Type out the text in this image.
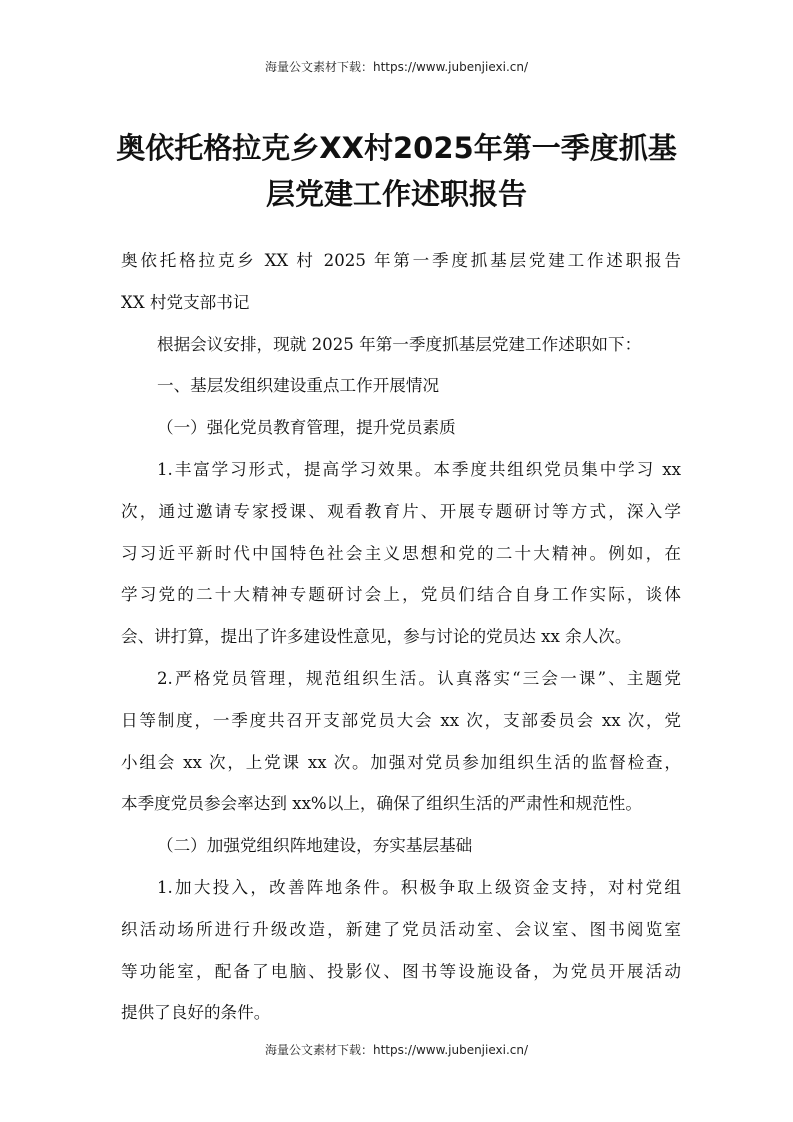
海量公文素材下载：https://www.jubenjiexi.cn/
奥依托格拉克乡XX村2025年第一季度抓基
层党建工作述职报告
奥依托格拉克乡 XX 村 2025 年第一季度抓基层党建工作述职报告
XX 村党支部书记
根据会议安排，现就 2025 年第一季度抓基层党建工作述职如下：
一、基层发组织建设重点工作开展情况
（一）强化党员教育管理，提升党员素质
1.丰富学习形式，提高学习效果。本季度共组织党员集中学习 xx
次，通过邀请专家授课、观看教育片、开展专题研讨等方式，深入学
习习近平新时代中国特色社会主义思想和党的二十大精神。例如，在
学习党的二十大精神专题研讨会上，党员们结合自身工作实际，谈体
会、讲打算，提出了许多建设性意见，参与讨论的党员达 xx 余人次。
2.严格党员管理，规范组织生活。认真落实“三会一课”、主题党
日等制度，一季度共召开支部党员大会 xx 次，支部委员会 xx 次，党
小组会 xx 次，上党课 xx 次。加强对党员参加组织生活的监督检查，
本季度党员参会率达到 xx%以上，确保了组织生活的严肃性和规范性。
（二）加强党组织阵地建设，夯实基层基础
1.加大投入，改善阵地条件。积极争取上级资金支持，对村党组
织活动场所进行升级改造，新建了党员活动室、会议室、图书阅览室
等功能室，配备了电脑、投影仪、图书等设施设备，为党员开展活动
提供了良好的条件。
海量公文素材下载：https://www.jubenjiexi.cn/
